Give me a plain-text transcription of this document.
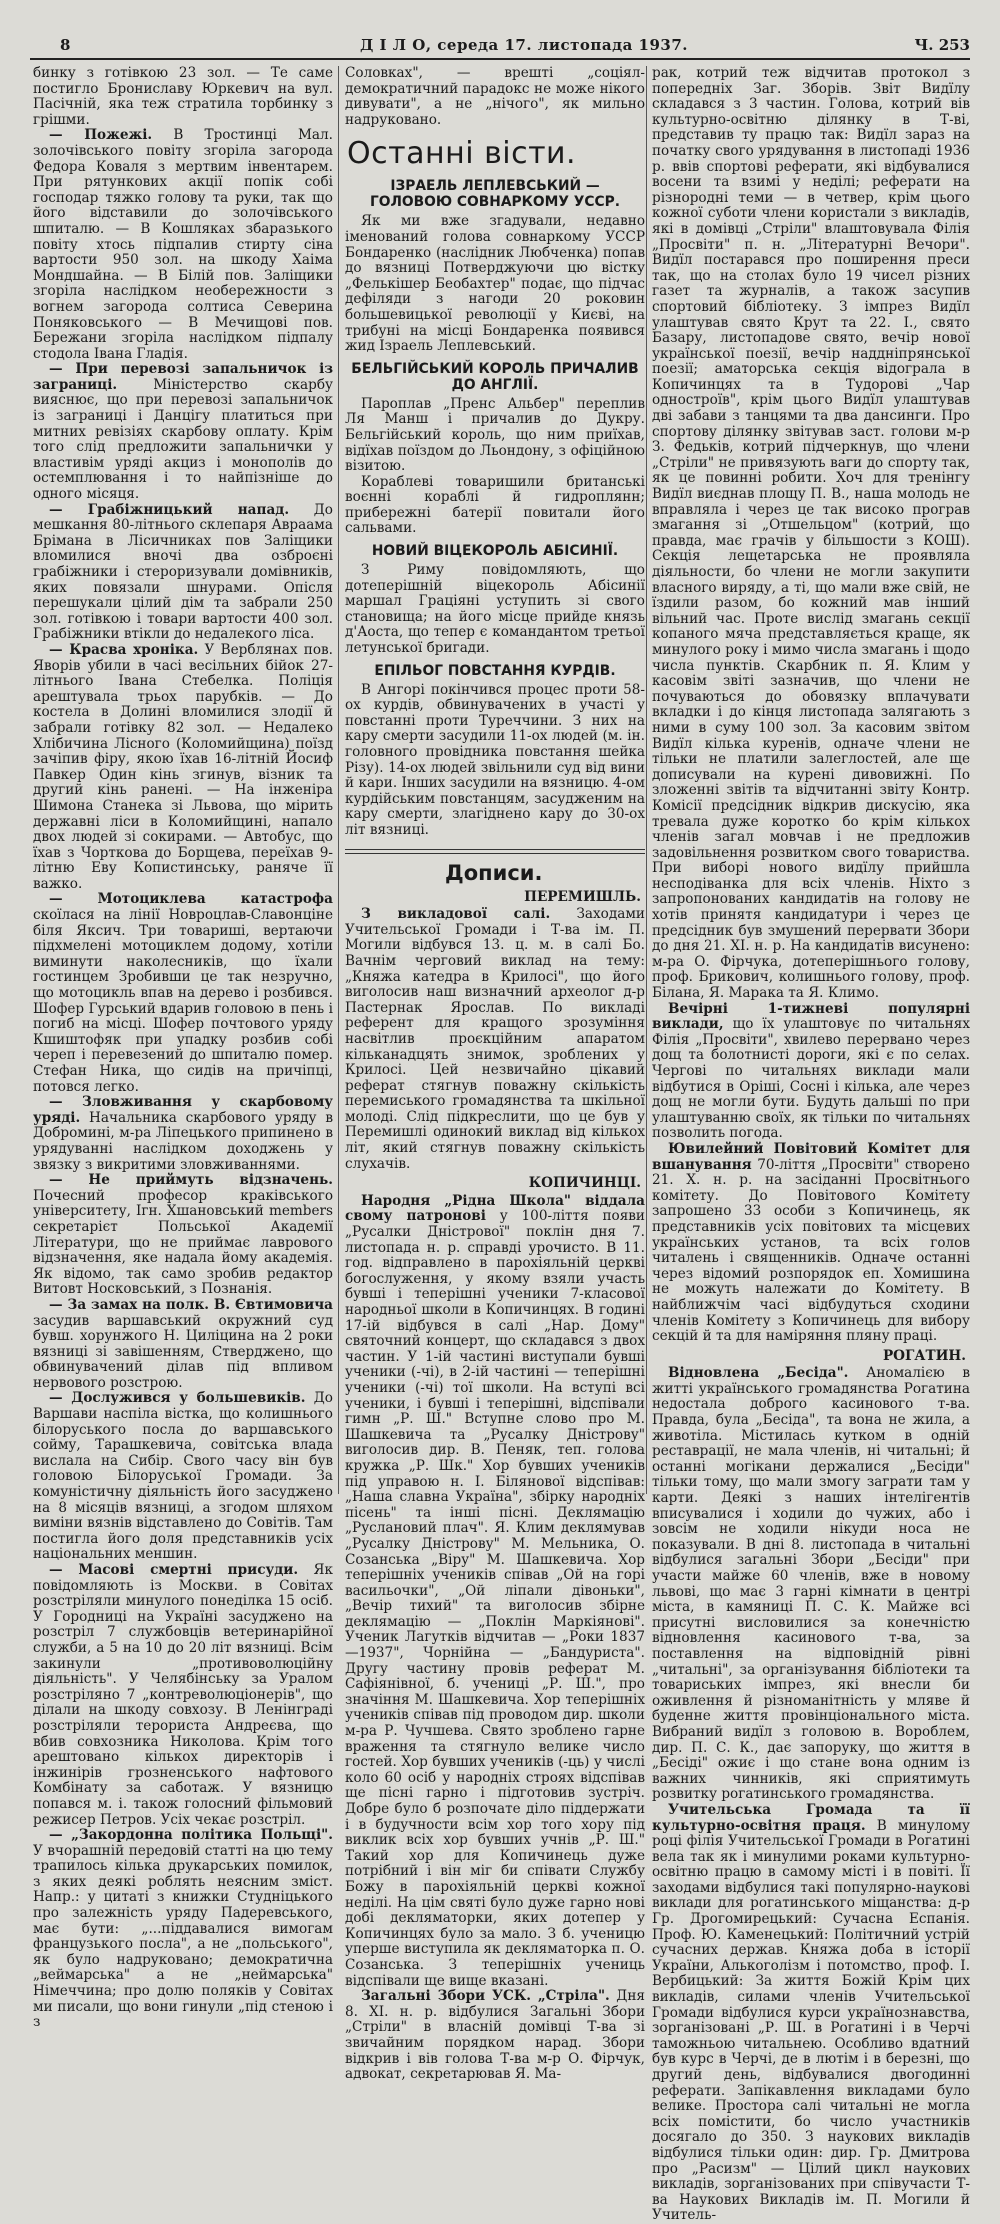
8	Д І Л О, середа 17. листопада 1937.	Ч. 253

бинку з готівкою 23 зол. — Те саме постигло Брониславу Юркевич на вул. Пасічній, яка теж стратила торбинку з грішми.

— Пожежі. В Тростинці Мал. золочівського повіту згоріла загорода Федора Коваля з мертвим інвентарем. При рятункових акції попік собі господар тяжко голову та руки, так що його відставили до золочівського шпиталю. — В Кошляках збаразького повіту хтось підпалив стирту сіна вартости 950 зол. на шкоду Хаіма Мондшайна. — В Білій пов. Заліщики згоріла наслідком необережности з вогнем загорода солтиса Северина Поняковського — В Мечищові пов. Бережани згоріла наслідком підпалу стодола Івана Гладія.

— При перевозі запальничок із заграниці.	Міністерство скарбу вияснює, що при перевозі запальничок із заграниці і Данцігу платиться при митних ревізіях скарбову оплату. Крім того слід предложити запальнички у властивім уряді акциз і монополів до остемплювання і то найпізніше до одного місяця.

— Грабіжницький напад. До мешкання 80-літнього склепаря Авраама Брімана в Лісичниках пов Заліщики вломилися вночі два озброєні грабіжники і стероризували домівників, яких повязали шнурами. Опісля перешукали цілий дім та забрали 250 зол. готівкою і товари вартости 400 зол. Грабіжники втікли до недалекого ліса.

— Красва хроніка. У Верблянах пов. Яворів убили в часі весільних бійок 27-літнього Івана Стебелка. Поліція арештувала трьох парубків. — До костела в Долині вломилися злодії й забрали готівку 82 зол. — Недалеко Хлібичина Лісного (Коломийщина) поїзд зачіпив фіру, якою їхав 16-літній Йосиф Павкер Один кінь згинув, візник та другий кінь ранені. — На інженіра Шимона Станека зі Львова, що мірить державні ліси в Коломийщині, напало двох людей зі сокирами. — Автобус, що їхав з Чорткова до Борщева, переїхав 9-літню Еву Копистинську, раняче її важко.

— Мотоциклева катастрофа скоїлася на лінії Новроцлав-Славонціне біля Яксич. Три товариші, вертаючи підхмелені мотоциклем додому, хотіли виминути наколесників, що їхали гостинцем Зробивши це так незручно, що мотоцикль впав на дерево і розбився. Шофер Гурський вдарив головою в пень і погиб на місці. Шофер почтового уряду Кшиштофяк при упадку розбив собі череп і перевезений до шпиталю помер. Стефан Ника, що сидів на причіпці, потовся легко.

— Зловживання у скарбовому уряді. Начальника скарбового уряду в Добромині, м-ра Ліпецького припинено в урядуванні наслідком доходжень у звязку з викритими зловживаннями.

— Не приймуть відзначень. Почесний професор краківського університету, Ігн. Хшановський members секретарієт Польської Академії Літератури, що не приймає лаврового відзначення, яке надала йому академія. Як відомо, так само зробив редактор Витовт Носковський, з Познанія.

— За замах на полк. В. Євтимовича засудив варшавський окружний суд бувш. хорунжого Н. Циліцина на 2 роки вязниці зі завішенням, Ствердженo, що обвинувачений ділав під впливом нервового розстрою.

— Дослужився у большевиків. До Варшави наспіла вістка, що колишнього білоруського посла до варшавського сойму, Тарашкевича, совітська влада вислала на Сибір. Свого часу він був головою Білоруської Громади. За комуністичну діяльність його засуджено на 8 місяців вязниці, а згодом шляхом виміни вязнів відставлено до Совітів. Там постигла його доля представників усіх національних меншин.

— Масові смертні присуди. Як повідомляють із Москви. в Совітах розстріляли минулого понеділка 15 осіб. У Городниці на Україні засуджено на розстріл 7 службовців ветеринарійної служби, а 5 на 10 до 20 літ вязниці. Всім закинули „противоволюційну діяльність". У Челябінську за Уралом розстріляно 7 „контреволюціонерів", що ділали на шкоду совхозу. В Ленінграді розстріляли терориста Андреєва, що вбив совхозника Николова. Крім того арештовано кількох директорів і інжинірів грозненського нафтового Комбінату за саботаж. У вязницю попався м. і. також голосний фільмовий режисер Петров. Усіх чекає розстріл.

— „Закордонна політика Польщі". У вчорашній передовій статті на цю тему трапилось кілька друкарських помилок, з яких деякі роблять неясним зміст. Напр.: у цитаті з книжки Студніцького про залежність уряду Падеревського, має бути: „...піддавалися вимогам французького посла", а не „польського", як було надруковано; демократична „веймарська" а не „неймарська" Німеччина; про долю поляків у Совітах ми писали, що вони гинули „під стеною і з

Соловках", — врешті „соціял-демократичний парадокс не може нікого дивувати", а не „нічого", як мильно надруковано.

Останні вісти.
ІЗРАЕЛЬ ЛЕПЛЕВСЬКИЙ — ГОЛОВОЮ СОВНАРКОМУ УССР.

Як ми вже згадували, недавно іменований голова совнаркому УССР Бондаренко (наслідник Любченка) попав до вязниці Потверджуючи цю вістку „Фелькішер Беобахтер" подає, що підчас дефіляди з нагоди 20 роковин большевицької революції у Києві, на трибуні на місці Бондаренка появився жид Ізраель Леплевський.

БЕЛЬГІЙСЬКИЙ КОРОЛЬ ПРИЧАЛИВ ДО АНГЛІЇ.

Пароплав „Пренс Альбер" переплив Ля Манш і причалив до Дукру. Бельгійський король, що ним приїхав, відїхав поїздом до Льондону, з офіційною візитою.

Кораблеві товаришили британські воєнні кораблі й гидроплянн; прибережні батерії повитали його сальвами.

НОВИЙ ВІЦЕКОРОЛЬ АБІСИНІЇ.

З Риму повідомляють, що дотеперішній віцекороль Абісинії маршал Граціяні уступить зі свого становища; на його місце прийде князь д'Аоста, що тепер є командантом третьої летунської бригади.

ЕПІЛЬОГ ПОВСТАННЯ КУРДІВ.

В Ангорі покінчився процес проти 58-ох курдів, обвинувачених в участі у повстанні проти Туреччини. З них на кару смерти засудили 11-ох людей (м. ін. головного провідника повстання шейка Різу). 14-ох людей звільнили суд від вини й кари. Інших засудили на вязницю. 4-ом курдійським повстанцям, засудженим на кару смерти, злагіднено кару до 30-ох літ вязниці.

Дописи.
ПЕРЕМИШЛЬ.

З викладової салі. Заходами Учительської Громади і Т-ва ім. П. Могили відбувся 13. ц. м. в салі Бо. Вачнім черговий виклад на тему: „Княжа катедра в Крилосі", що його виголосив наш визначний археолог д-р Пастернак Ярослав. По викладі референт для кращого зрозуміння насвітлив проєкційним апаратом кільканадцять знимок, зроблених у Крилосі. Цей незвичайно цікавий реферат стягнув поважну скількість перемиського громадянства та шкільної молоді. Слід підкреслити, що це був у Перемишлі одинокий виклад від кількох літ, який стягнув поважну скількість слухачів.

КОПИЧИНЦІ.

Народня „Рідна Школа" віддала свому патронові у 100-ліття появи „Русалки Дністрової" поклін дня 7. листопада н. р. справді урочисто. В 11. год. відправлено в парохіяльній церкві богослуження, у якому взяли участь бувші і теперішні ученики 7-класової народньої школи в Копичинцях. В годині 17-ій відбувся в салі „Нар. Дому" святочний концерт, що складався з двох частин. У 1-ій частині виступали бувші ученики (-чі), в 2-ій частині — теперішні ученики (-чі) тої школи. На вступі всі ученики, і бувші і теперішні, відспівали гимн „Р. Ш." Вступне слово про М. Шашкевича та „Русалку Дністрову" виголосив дир. В. Пеняк, теп. голова кружка „Р. Шк." Хор бувших учеників під управою н. І. Білянової відспівав: „Наша славна Україна", збірку народніх пісень" та інші пісні. Деклямацію „Руслановий плач". Я. Клим деклямував „Русалку Дністрову" М. Мельника, О. Созанська „Віру" М. Шашкевича. Хор теперішніх учеників співав „Ой на горі васильочки", „Ой ліпали дівоньки", „Вечір тихий" та виголосив збірне деклямацію — „Поклін Маркіяновi". Ученик Лагутків відчитав — „Роки 1837—1937", Чорнійна — „Бандуриста". Другу частину провів реферат М. Сафіянівної, б. учениці „Р. Ш.", про значіння М. Шашкевича. Хор теперішніх учеників співав під проводом дир. школи м-ра Р. Чучшева. Свято зроблено гарне враження та стягнуло велике число гостей. Хор бувших учеників (-ць) у числі коло 60 осіб у народніх строях відспівав ще пісні гарно і підготовив зустріч. Добре було б розпочате діло піддержати і в будучности всім хор того хору під виклик всіх хор бувших учнів „Р. Ш." Такий хор для Копичинець дуже потрібний і він міг би співати Службу Божу в парохіяльній церкві кожної неділі. На цім святі було дуже гарно нові добі декляматорки, яких дотепер у Копичинцях було за мало. З б. ученицю уперше виступила як декляматорка п. О. Созанська. З теперішніх учениць відспівали ще вище вказані.

Загальні Збори УСК. „Стріла". Дня 8. XI. н. р. відбулися Загальні Збори „Стріли" в власній домівці Т-ва зі звичайним порядком нарад. Збори відкрив і вів голова Т-ва м-р О. Фірчук, адвокат, секретарював Я. Ма-

рак, котрий теж відчитав протокол з попередніх Заг. Зборів. Звіт Видїлу складався з 3 частин. Голова, котрий вів культурно-освітню ділянку в Т-ві, представив ту працю так: Видїл зараз на початку свого урядування в листопаді 1936 р. ввів спортові реферати, які відбувалися восени та взимі у неділі; реферати на різнородні теми — в четвер, крім цього кожної суботи члени користали з викладів, які в домівці „Стріли" влаштовувала Філія „Просвіти" п. н. „Літературні Вечори". Видїл постарався про поширення преси так, що на столах було 19 чисел різних газет та журналів, а також засупив спортовий бібліотеку. З імпрез Видїл улаштував свято Крут та 22. І., свято Базару, листопадове свято, вечір нової української поезії, вечір наддніпрянської поезії; аматорська секція відограла в Копичинцях та в Тудорові „Чар одностроїв", крім цього Видїл улаштував дві забави з танцями та два дансинги. Про спортову ділянку звітував заст. голови м-р З. Федьків, котрий підчеркнув, що члени „Стріли" не привязують ваги до спорту так, як це повинні робити. Хоч для тренінгу Видїл виєднав площу П. В., наша молодь не вправляла і через це так високо програв змагання зі „Отшельцом" (котрий, що правда, має грачів у більшости з КОШ). Секція лещетарська не проявляла діяльности, бо члени не могли закупити власного виряду, а ті, що мали вже свій, не їздили разом, бо кожний мав інший вільний час. Проте вислід змагань секції копаного мяча представляється краще, як минулого року і мимо числа змагань і щодо числа пунктів. Скарбник п. Я. Клим у касовім звіті зазначив, що члени не почуваються до обовязку вплачувати вкладки і до кінця листопада залягають з ними в суму 100 зол. За касовим звітом Видїл кілька куренів, одначе члени не тільки не платили залеглостей, але ще дописували на курені дивовижні. По зложенні звітів та відчитанні звіту Контр. Комісії предсідник відкрив дискусію, яка тревала дуже коротко бо крім кількох членів загал мовчав і не предложив задовільнення розвитком свого товариства. При виборі нового видїлу прийшла несподіванка для всіх членів. Ніхто з запропонованих кандидатів на голову не хотів принятя кандидатури і через це предсідник був змушений перервати Збори до дня 21. XI. н. р. На кандидатів висунено: м-ра О. Фірчука, дотеперішнього голову, проф. Брикович, колишнього голову, проф. Білана, Я. Марака та Я. Климо.

Вечірні 1-тижневі популярні виклади, що їх улаштовує по читальнях Філія „Просвіти", хвилево перервано через дощ та болотнисті дороги, які є по селах. Чергові по читальнях виклади мали відбутися в Оріші, Сосні і кілька, але через дощ не могли бути. Будуть дальші по при улаштуванню своїх, як тільки по читальнях позволить погода.

Ювилейний Повітовий Комітет для вшанування 70-ліття „Просвіти" створено 21. Х. н. р. на засіданні Просвітнього комітету. До Повітового Комітету запрошено 33 особи з Копичинець, як представників усіх повітових та місцевих українських установ, та всіх голов читалень і священників. Одначе останні через відомий розпорядок еп. Хомишина не можуть належати до Комітету. В найближчім часі відбудуться сходини членів Комітету з Копичинець для вибору секцій й та для наміряння пляну праці.

РОГАТИН.

Відновлена „Бесіда". Аномалією в житті українського громадянства Рогатина недостала доброго касинового т-ва. Правда, була „Бесіда", та вона не жила, а животіла. Містилась кутком в одній реставрації, не мала членів, ні читальні; й останні могікани держалися „Бесіди" тільки тому, що мали змогу заграти там у карти. Деякі з наших інтелігентів вписувалися і ходили до чужих, або і зовсім не ходили нікуди носа не показували. В дні 8. листопада в читальні відбулися загальні Збори „Бесіди" при участи майже 60 членів, вже в новому львові, що має 3 гарні кімнати в центрі міста, в камяниці П. С. К. Майже всі присутні висловилися за конечністю відновлення касинового т-ва, за поставлення на відповідній рівні „читальні", за організування бібліотеки та товариських імпрез, які внесли би оживлення й різноманітність у мляве й буденне життя провінціонального міста. Вибраний видїл з головою в. Вороблем, дир. П. С. К., дає запоруку, що життя в „Бесіді" ожиє і що стане вона одним із важних чинників, які сприятимуть розвитку рогатинського громадянства.

Учительська Громада та її культурно-освітня праця. В минулому році філія Учительської Громади в Рогатині вела так як і минулими роками культурно-освітню працю в самому місті і в повіті. Її заходами відбулися такі популярно-наукові виклади для рогатинського міщанства: д-р Гр. Дрогомирецький: Сучасна Еспанія. Проф. Ю. Каменецький: Політичний устрій сучасних держав. Княжа доба в історії України, Алькоголізм і потомство, проф. І. Вербицький: За життя Божій Крім цих викладів, силами членів Учительської Громади відбулися курси українознавства, зорганізовані „Р. Ш. в Рогатині і в Черчі таможньою читальнею. Особливо вдатний був курс в Черчі, де в лютім і в березні, що другий день, відбувалися двогодинні реферати. Запікавлення викладами було велике. Простора салі читальні не могла всіх помістити, бо число участників досягало до 350. З наукових викладів відбулися тільки один: дир. Гр. Дмитрова про „Расизм" — Цілий цикл наукових викладів, зорганізованих при співучасти Т-ва Наукових Викладів ім. П. Могили й Учитель-
